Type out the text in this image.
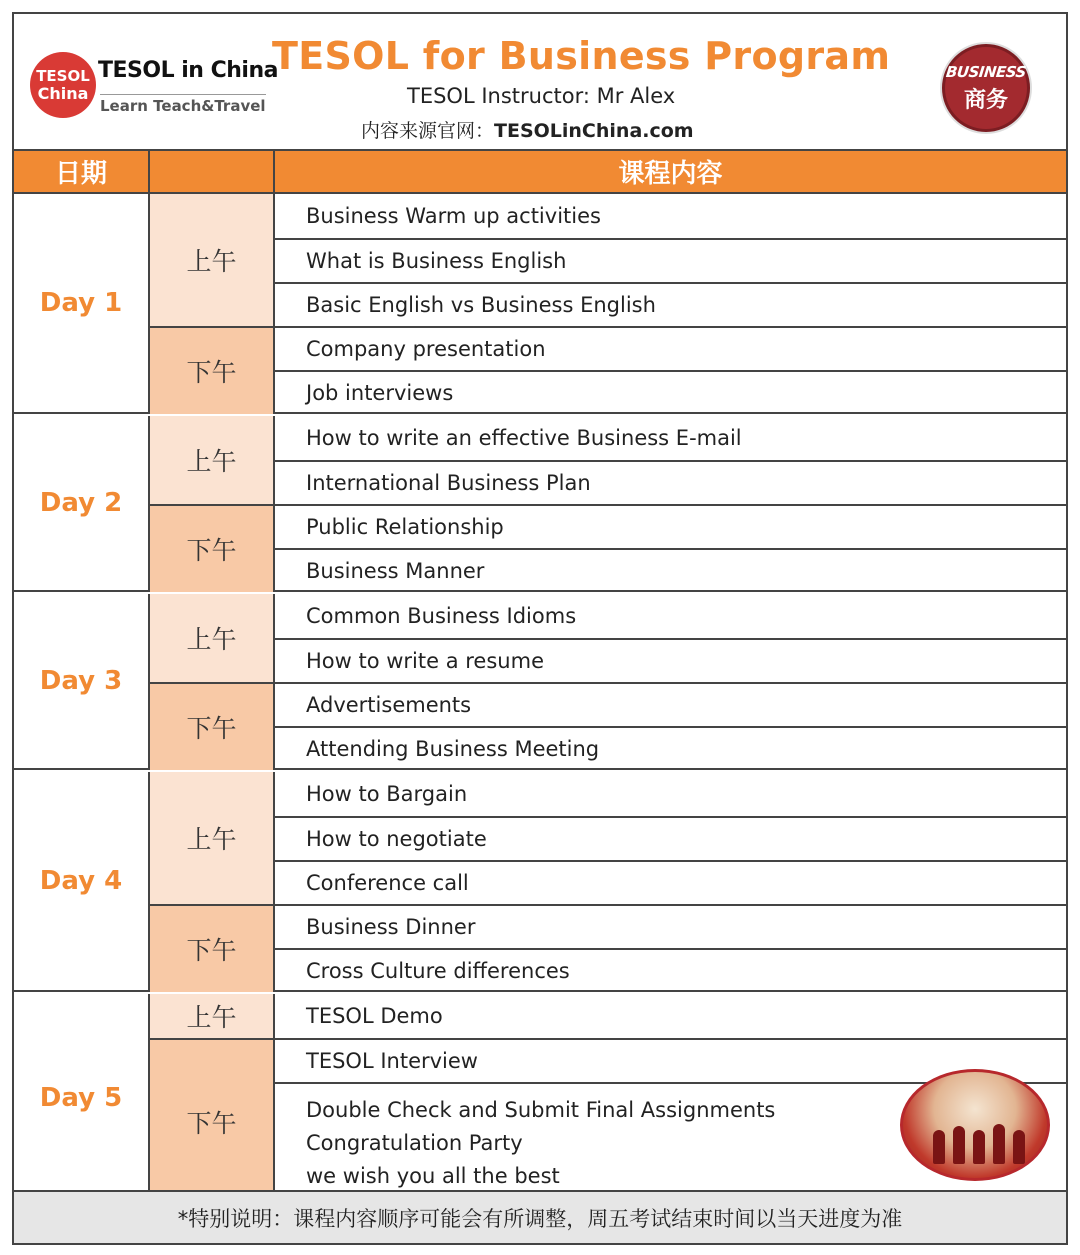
TESOL
China
TESOL in China
Learn Teach&Travel
TESOL for Business Program
TESOL Instructor: Mr Alex
内容来源官网：TESOLinChina.com
BUSINESS
商务
日期	课程内容
Day 1
上午
下午
Business Warm up activities
What is Business English
Basic English vs Business English
Company presentation
Job interviews
Day 2
上午
下午
How to write an effective Business E-mail
International Business Plan
Public Relationship
Business Manner
Day 3
上午
下午
Common Business Idioms
How to write a resume
Advertisements
Attending Business Meeting
Day 4
上午
下午
How to Bargain
How to negotiate
Conference call
Business Dinner
Cross Culture differences
Day 5
上午
下午
TESOL Demo
TESOL Interview
Double Check and Submit Final Assignments
Congratulation Party
we wish you all the best
*特别说明：课程内容顺序可能会有所调整，周五考试结束时间以当天进度为准
